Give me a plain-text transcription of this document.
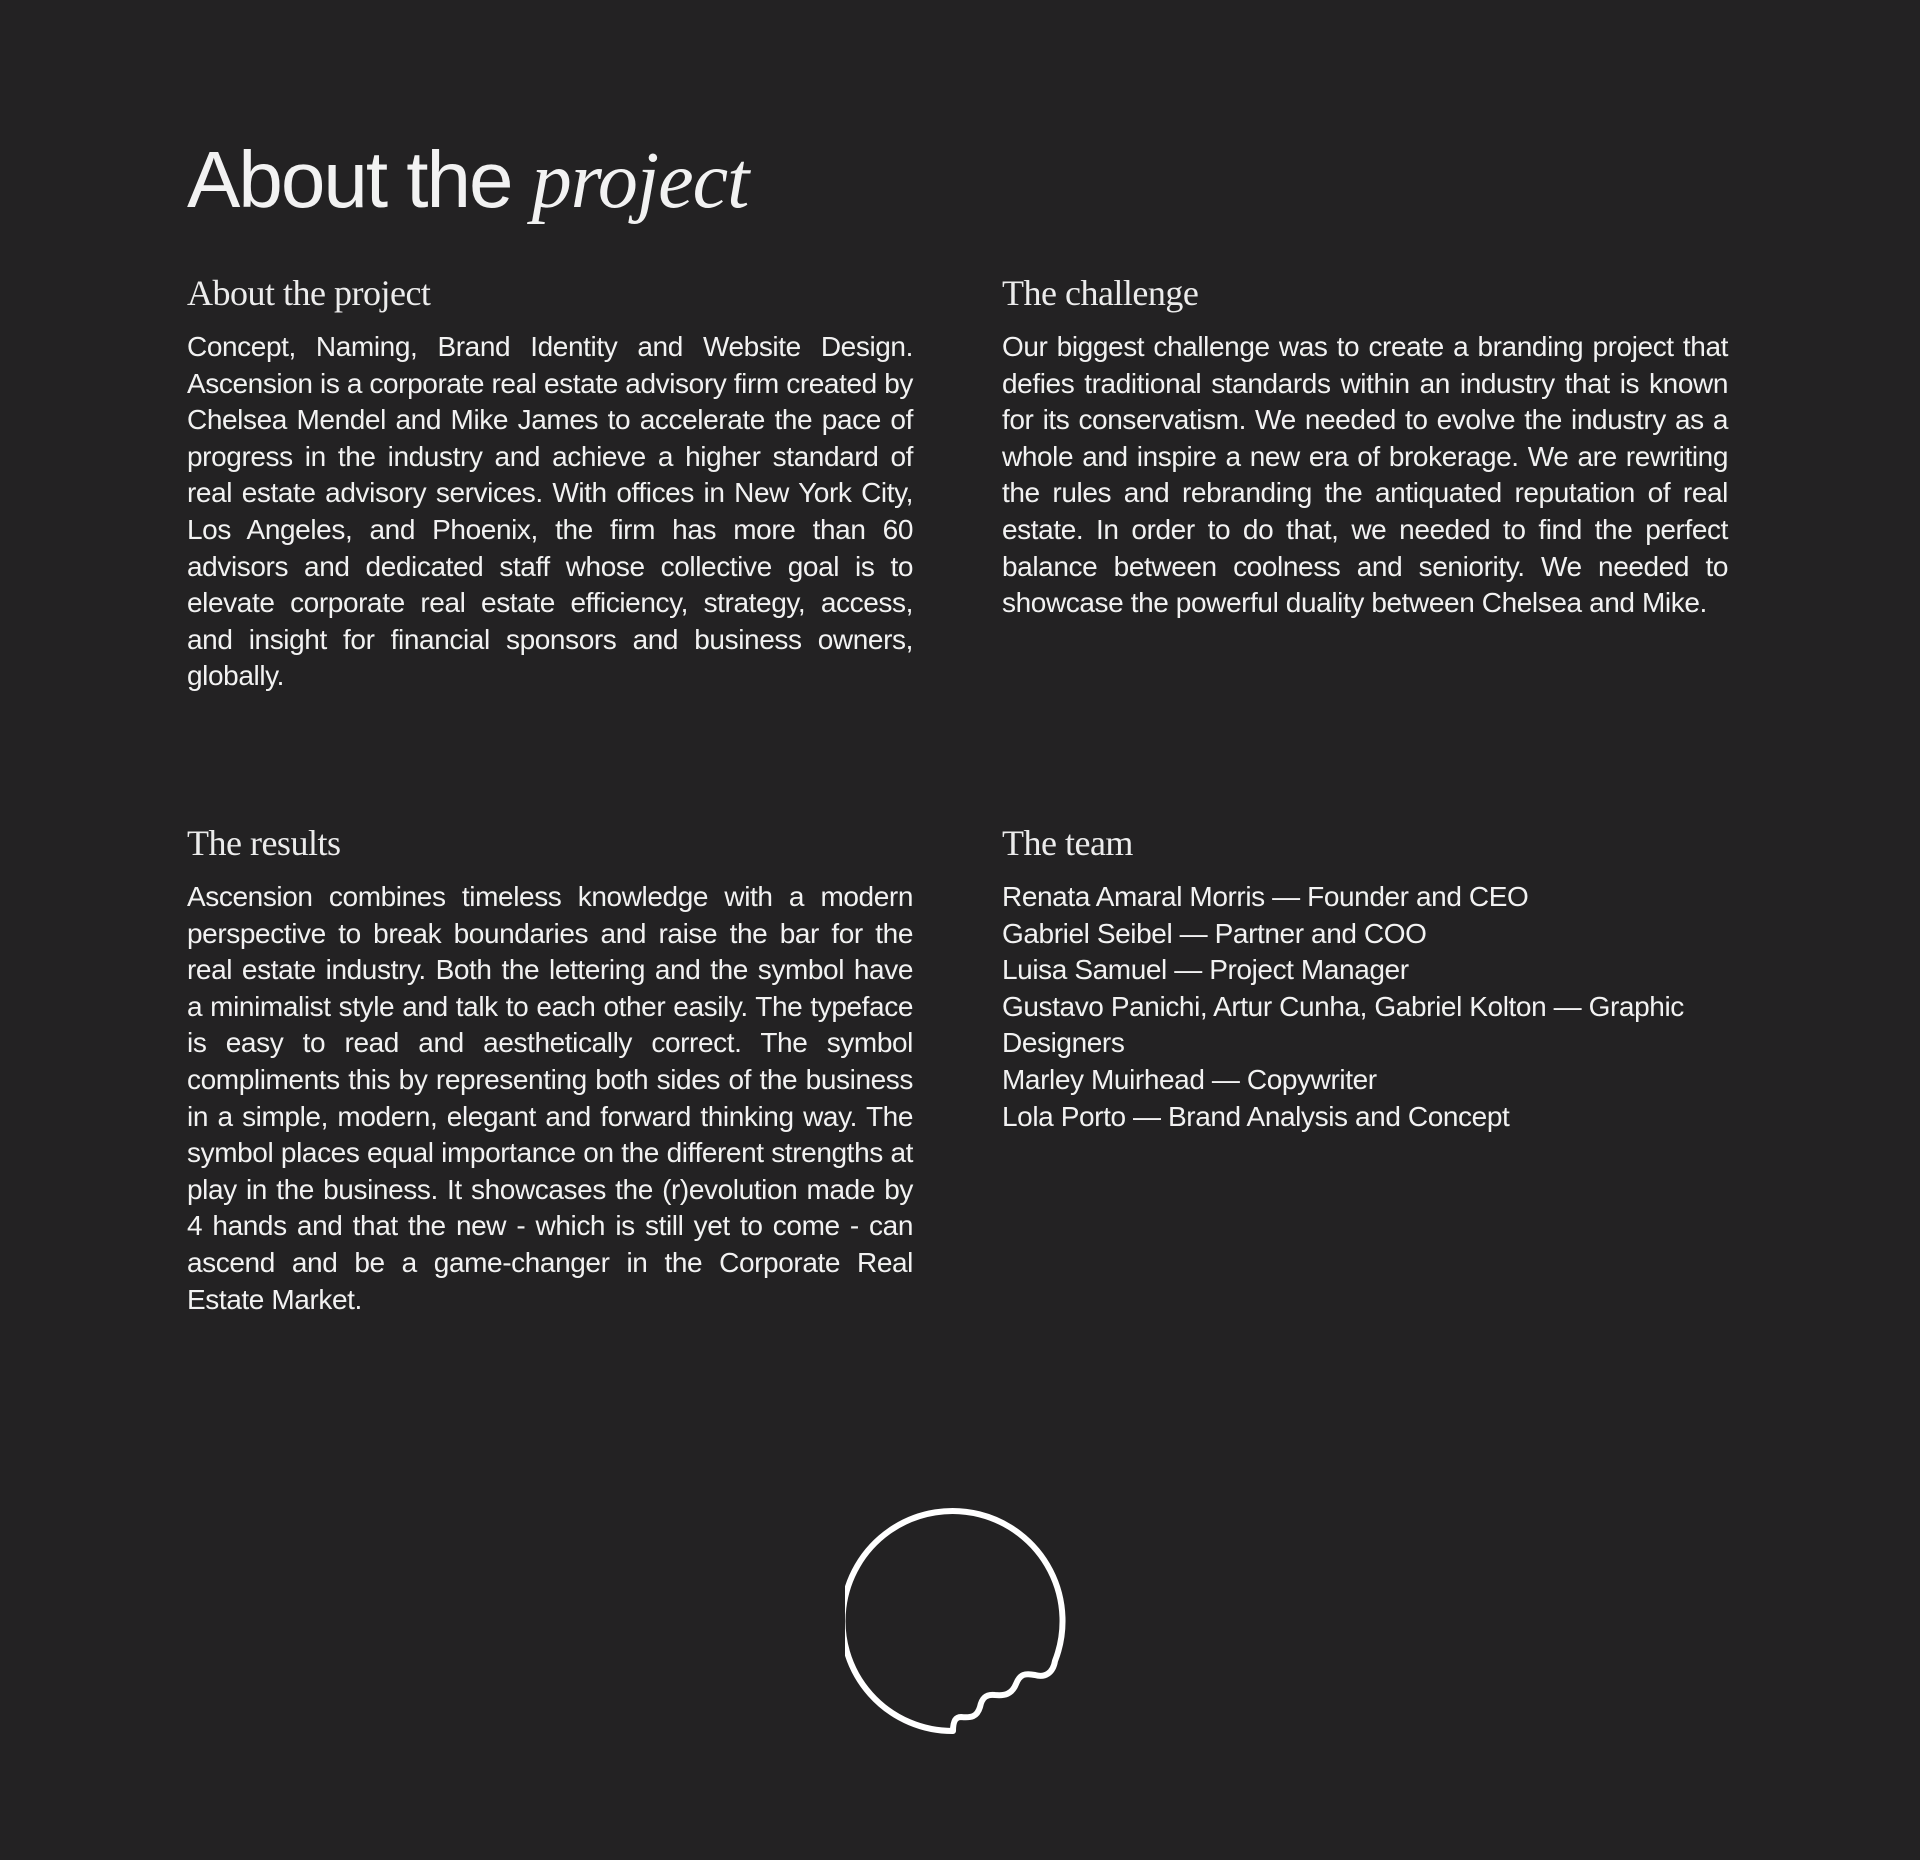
About the project
About the project

Concept, Naming, Brand Identity and Website Design. Ascension is a corporate real estate advisory firm created by Chelsea Mendel and Mike James to accelerate the pace of progress in the industry and achieve a higher standard of real estate advisory services. With offices in New York City, Los Angeles, and Phoenix, the firm has more than 60 advisors and dedicated staff whose collective goal is to elevate corporate real estate efficiency, strategy, access, and insight for financial sponsors and business owners, globally.

The challenge

Our biggest challenge was to create a branding project that defies traditional standards within an industry that is known for its conservatism. We needed to evolve the industry as a whole and inspire a new era of brokerage. We are rewriting the rules and rebranding the antiquated reputation of real estate. In order to do that, we needed to find the perfect balance between coolness and seniority. We needed to showcase the powerful duality between Chelsea and Mike.

The results

Ascension combines timeless knowledge with a modern perspective to break boundaries and raise the bar for the real estate industry. Both the lettering and the symbol have a minimalist style and talk to each other easily. The typeface is easy to read and aesthetically correct. The symbol compliments this by representing both sides of the business in a simple, modern, elegant and forward thinking way. The symbol places equal importance on the different strengths at play in the business. It showcases the (r)evolution made by 4 hands and that the new - which is still yet to come - can ascend and be a game-changer in the Corporate Real Estate Market.

The team
Renata Amaral Morris — Founder and CEO
Gabriel Seibel — Partner and COO
Luisa Samuel — Project Manager
Gustavo Panichi, Artur Cunha, Gabriel Kolton — Graphic Designers
Marley Muirhead — Copywriter
Lola Porto — Brand Analysis and Concept
